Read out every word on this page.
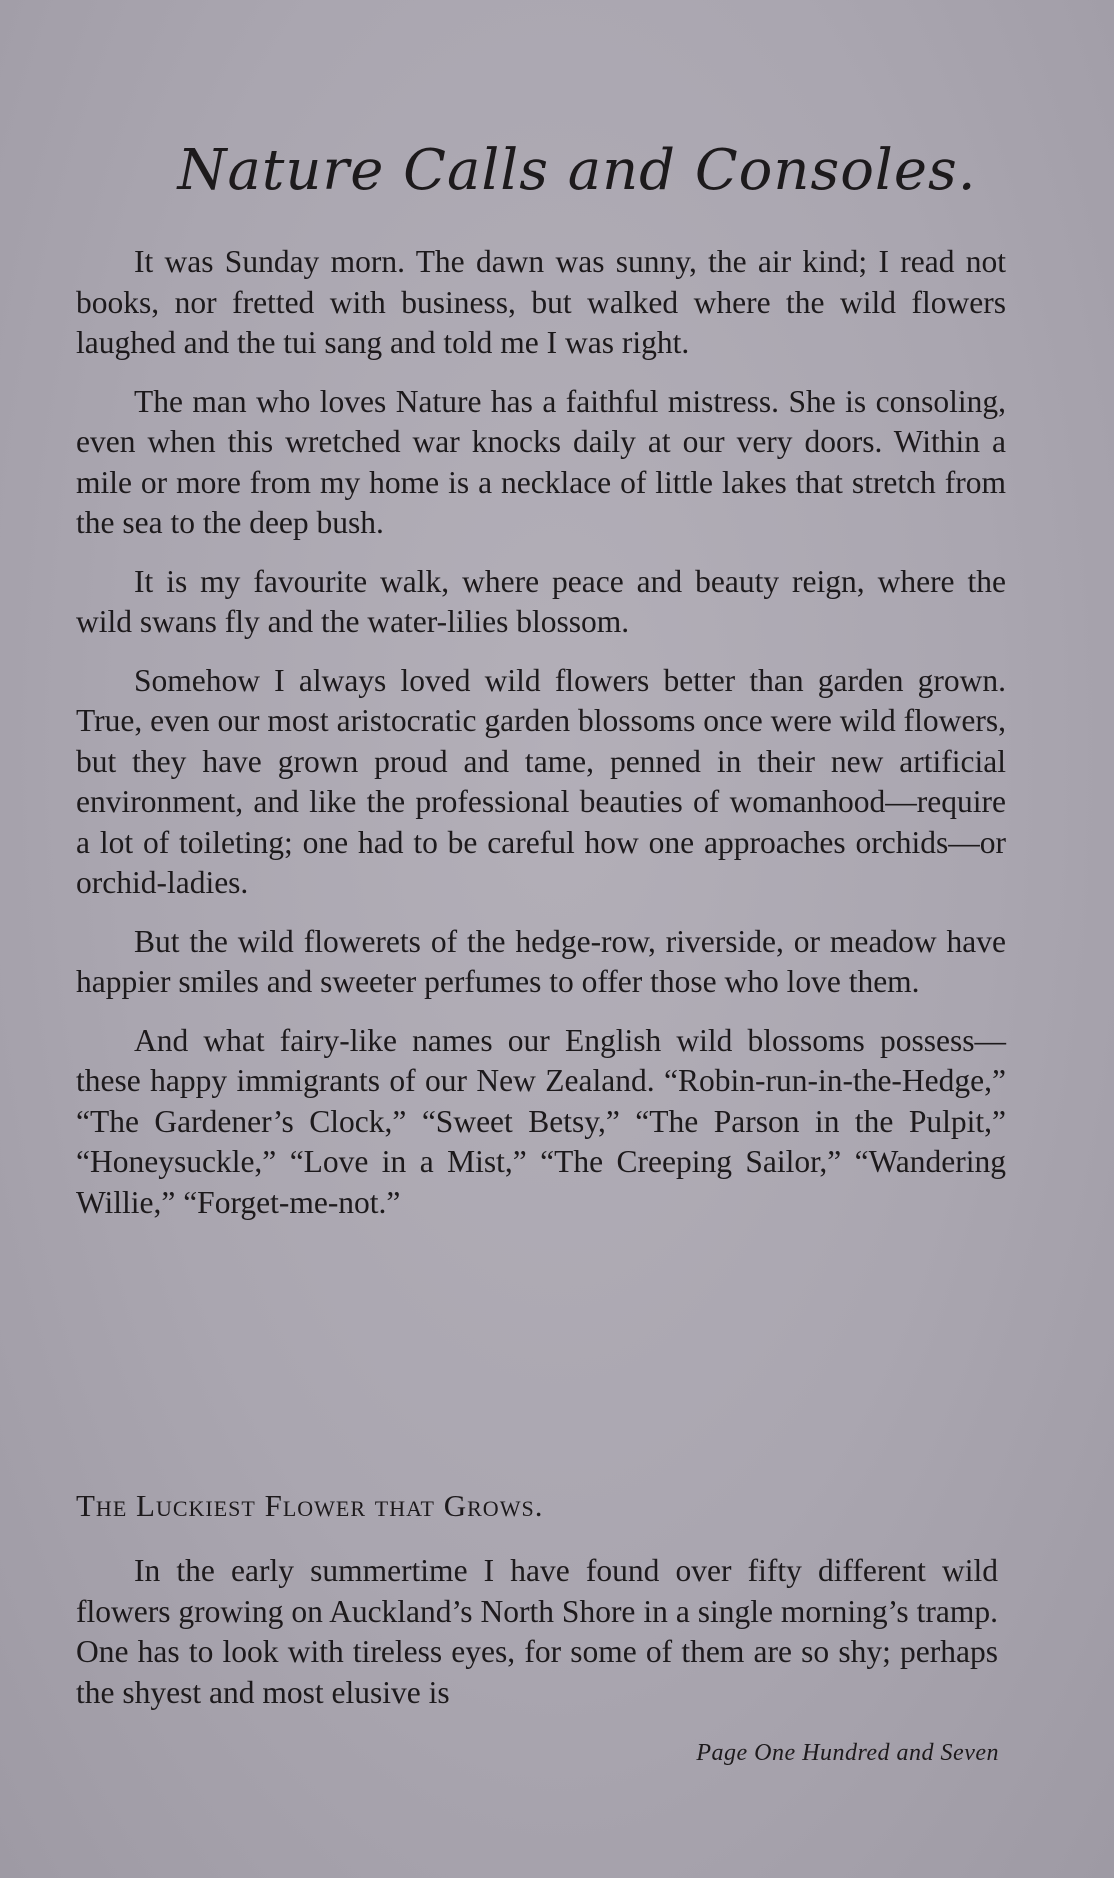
Nature Calls and Consoles.

It was Sunday morn. The dawn was sunny, the air kind; I read not books, nor fretted with business, but walked where the wild flowers laughed and the tui sang and told me I was right.

The man who loves Nature has a faithful mistress. She is consoling, even when this wretched war knocks daily at our very doors. Within a mile or more from my home is a necklace of little lakes that stretch from the sea to the deep bush.

It is my favourite walk, where peace and beauty reign, where the wild swans fly and the water-lilies blossom.

Somehow I always loved wild flowers better than garden grown. True, even our most aristocratic garden blossoms once were wild flowers, but they have grown proud and tame, penned in their new artificial environment, and like the professional beauties of womanhood—require a lot of toileting; one had to be careful how one approaches orchids—or orchid-ladies.

But the wild flowerets of the hedge-row, riverside, or meadow have happier smiles and sweeter perfumes to offer those who love them.

And what fairy-like names our English wild blossoms possess—these happy immigrants of our New Zealand. “Robin-run-in-the-Hedge,” “The Gardener’s Clock,” “Sweet Betsy,” “The Parson in the Pulpit,” “Honeysuckle,” “Love in a Mist,” “The Creeping Sailor,” “Wandering Willie,” “Forget-me-not.”

The Luckiest Flower that Grows.

In the early summertime I have found over fifty different wild flowers growing on Auckland’s North Shore in a single morning’s tramp. One has to look with tireless eyes, for some of them are so shy; perhaps the shyest and most elusive is

Page One Hundred and Seven
